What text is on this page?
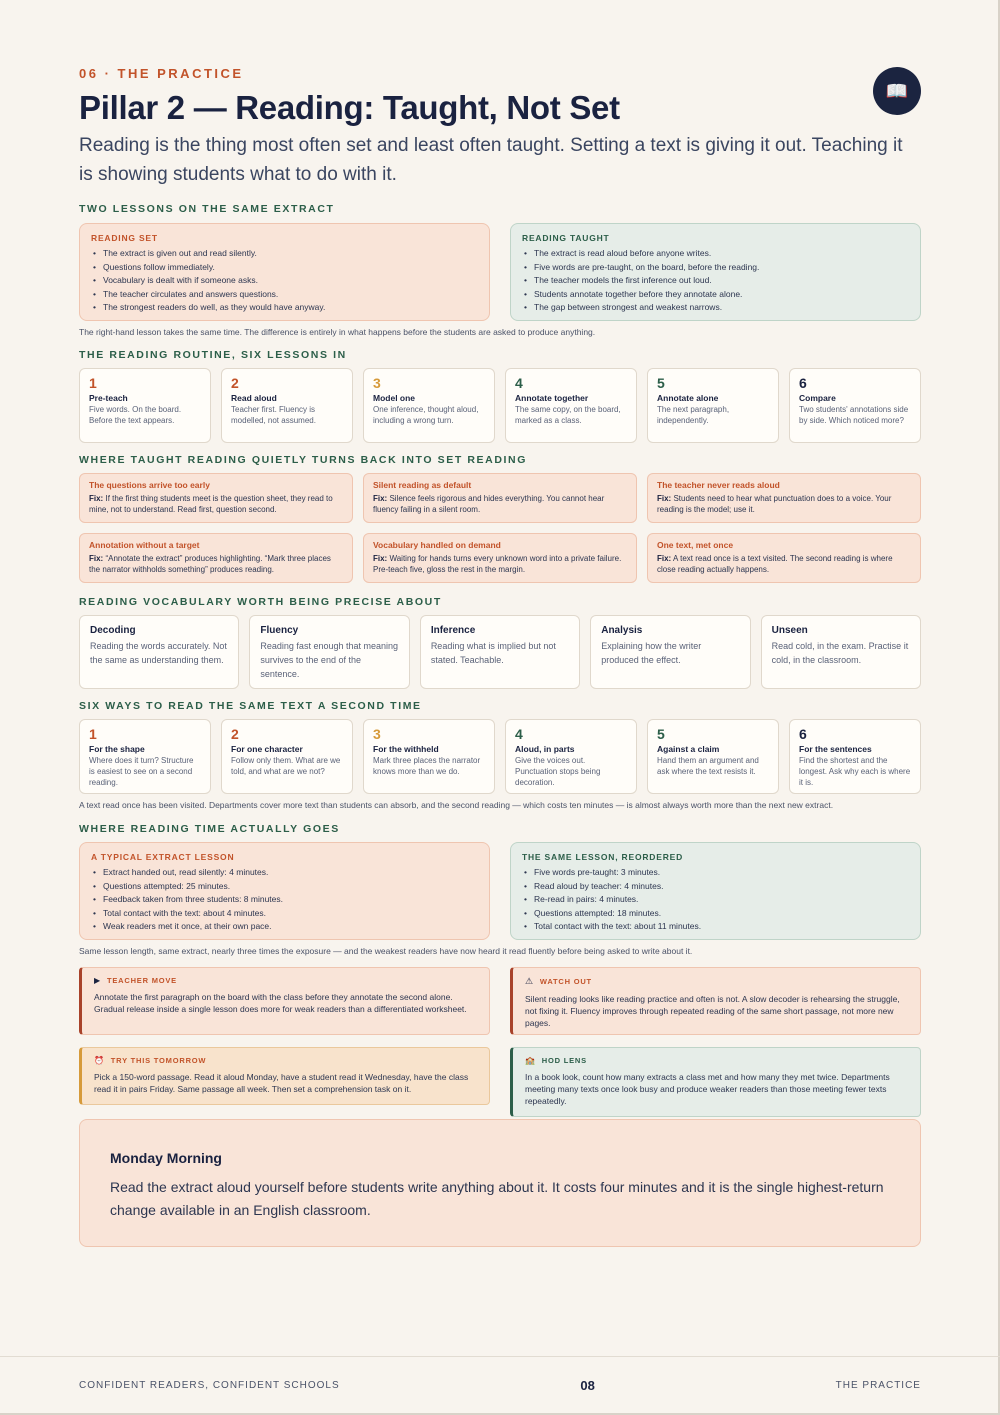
📖
06 · THE PRACTICE
Pillar 2 — Reading: Taught, Not Set
Reading is the thing most often set and least often taught. Setting a text is giving it out. Teaching it is showing students what to do with it.
TWO LESSONS ON THE SAME EXTRACT
READING SET
• The extract is given out and read silently.
• Questions follow immediately.
• Vocabulary is dealt with if someone asks.
• The teacher circulates and answers questions.
• The strongest readers do well, as they would have anyway.
READING TAUGHT
• The extract is read aloud before anyone writes.
• Five words are pre-taught, on the board, before the reading.
• The teacher models the first inference out loud.
• Students annotate together before they annotate alone.
• The gap between strongest and weakest narrows.
The right-hand lesson takes the same time. The difference is entirely in what happens before the students are asked to produce anything.
THE READING ROUTINE, SIX LESSONS IN
1
Pre-teach
Five words. On the board. Before the text appears.
2
Read aloud
Teacher first. Fluency is modelled, not assumed.
3
Model one
One inference, thought aloud, including a wrong turn.
4
Annotate together
The same copy, on the board, marked as a class.
5
Annotate alone
The next paragraph, independently.
6
Compare
Two students' annotations side by side. Which noticed more?
WHERE TAUGHT READING QUIETLY TURNS BACK INTO SET READING
The questions arrive too early
Fix: If the first thing students meet is the question sheet, they read to mine, not to understand. Read first, question second.
Silent reading as default
Fix: Silence feels rigorous and hides everything. You cannot hear fluency failing in a silent room.
The teacher never reads aloud
Fix: Students need to hear what punctuation does to a voice. Your reading is the model; use it.
Annotation without a target
Fix: “Annotate the extract” produces highlighting. “Mark three places the narrator withholds something” produces reading.
Vocabulary handled on demand
Fix: Waiting for hands turns every unknown word into a private failure. Pre-teach five, gloss the rest in the margin.
One text, met once
Fix: A text read once is a text visited. The second reading is where close reading actually happens.
READING VOCABULARY WORTH BEING PRECISE ABOUT
Decoding
Reading the words accurately. Not the same as understanding them.
Fluency
Reading fast enough that meaning survives to the end of the sentence.
Inference
Reading what is implied but not stated. Teachable.
Analysis
Explaining how the writer produced the effect.
Unseen
Read cold, in the exam. Practise it cold, in the classroom.
SIX WAYS TO READ THE SAME TEXT A SECOND TIME
1
For the shape
Where does it turn? Structure is easiest to see on a second reading.
2
For one character
Follow only them. What are we told, and what are we not?
3
For the withheld
Mark three places the narrator knows more than we do.
4
Aloud, in parts
Give the voices out. Punctuation stops being decoration.
5
Against a claim
Hand them an argument and ask where the text resists it.
6
For the sentences
Find the shortest and the longest. Ask why each is where it is.
A text read once has been visited. Departments cover more text than students can absorb, and the second reading — which costs ten minutes — is almost always worth more than the next new extract.
WHERE READING TIME ACTUALLY GOES
A TYPICAL EXTRACT LESSON
• Extract handed out, read silently: 4 minutes.
• Questions attempted: 25 minutes.
• Feedback taken from three students: 8 minutes.
• Total contact with the text: about 4 minutes.
• Weak readers met it once, at their own pace.
THE SAME LESSON, REORDERED
• Five words pre-taught: 3 minutes.
• Read aloud by teacher: 4 minutes.
• Re-read in pairs: 4 minutes.
• Questions attempted: 18 minutes.
• Total contact with the text: about 11 minutes.
Same lesson length, same extract, nearly three times the exposure — and the weakest readers have now heard it read fluently before being asked to write about it.
▶ TEACHER MOVE
Annotate the first paragraph on the board with the class before they annotate the second alone. Gradual release inside a single lesson does more for weak readers than a differentiated worksheet.
⚠ WATCH OUT
Silent reading looks like reading practice and often is not. A slow decoder is rehearsing the struggle, not fixing it. Fluency improves through repeated reading of the same short passage, not more new pages.
⏰ TRY THIS TOMORROW
Pick a 150-word passage. Read it aloud Monday, have a student read it Wednesday, have the class read it in pairs Friday. Same passage all week. Then set a comprehension task on it.
🏫 HOD LENS
In a book look, count how many extracts a class met and how many they met twice. Departments meeting many texts once look busy and produce weaker readers than those meeting fewer texts repeatedly.
Monday Morning
Read the extract aloud yourself before students write anything about it. It costs four minutes and it is the single highest-return change available in an English classroom.
CONFIDENT READERS, CONFIDENT SCHOOLS	08	THE PRACTICE
